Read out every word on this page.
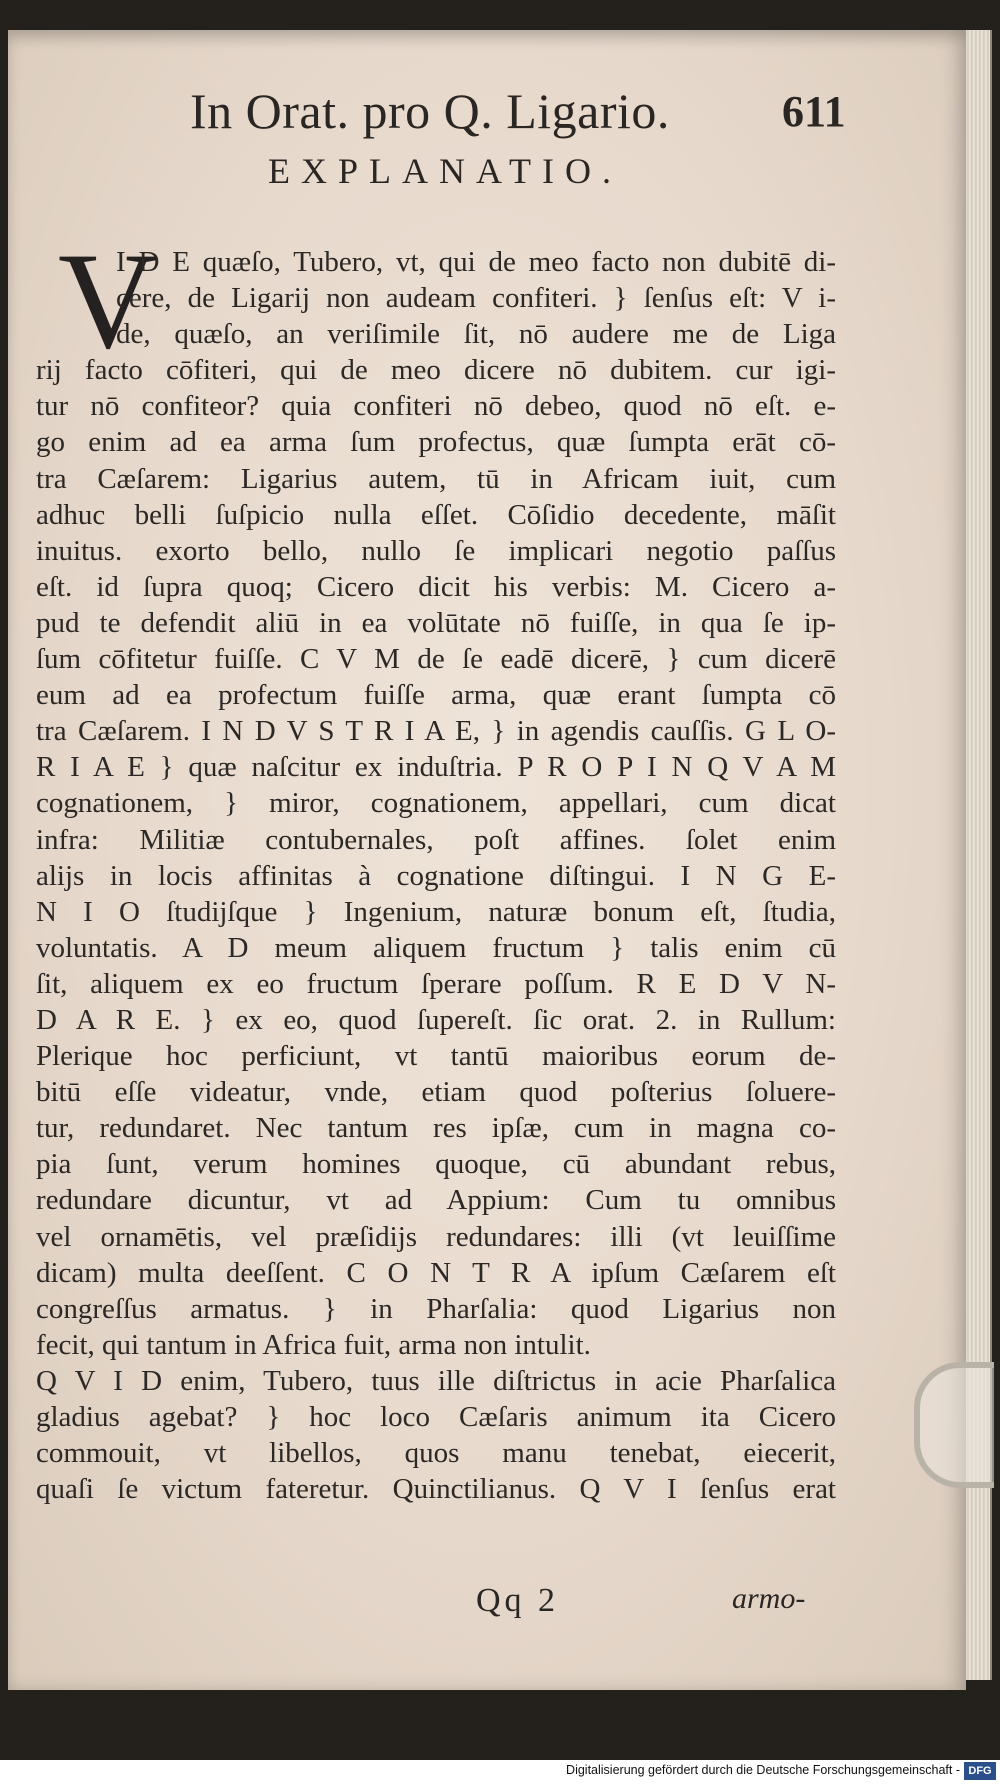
In Orat. pro Q. Ligario.	611
EXPLANATIO.
V
I D E quæſo, Tubero, vt, qui de meo facto non dubitē di-
cere, de Ligarij non audeam confiteri. } ſenſus eſt: V i-
de, quæſo, an veriſimile ſit, nō audere me de Liga
rij facto cōfiteri, qui de meo dicere nō dubitem. cur igi-
tur nō confiteor? quia confiteri nō debeo, quod nō eſt. e-
go enim ad ea arma ſum profectus, quæ ſumpta erāt cō-
tra Cæſarem: Ligarius autem, tū in Africam iuit, cum
adhuc belli ſuſpicio nulla eſſet. Cōſidio decedente, māſit
inuitus. exorto bello, nullo ſe implicari negotio paſſus
eſt. id ſupra quoq; Cicero dicit his verbis: M. Cicero a-
pud te defendit aliū in ea volūtate nō fuiſſe, in qua ſe ip-
ſum cōfitetur fuiſſe. C V M de ſe eadē dicerē, } cum dicerē
eum ad ea profectum fuiſſe arma, quæ erant ſumpta cō
tra Cæſarem. I N D V S T R I A E, } in agendis cauſſis. G L O-
R I A E } quæ naſcitur ex induſtria. P R O P I N Q V A M
cognationem, } miror, cognationem, appellari, cum dicat
infra: Militiæ contubernales, poſt affines. ſolet enim
alijs in locis affinitas à cognatione diſtingui. I N G E-
N I O ſtudijſque } Ingenium, naturæ bonum eſt, ſtudia,
voluntatis. A D meum aliquem fructum } talis enim cū
ſit, aliquem ex eo fructum ſperare poſſum. R E D V N-
D A R E. } ex eo, quod ſupereſt. ſic orat. 2. in Rullum:
Plerique hoc perficiunt, vt tantū maioribus eorum de-
bitū eſſe videatur, vnde, etiam quod poſterius ſoluere-
tur, redundaret. Nec tantum res ipſæ, cum in magna co-
pia ſunt, verum homines quoque, cū abundant rebus,
redundare dicuntur, vt ad Appium: Cum tu omnibus
vel ornamētis, vel præſidijs redundares: illi (vt leuiſſime
dicam) multa deeſſent. C O N T R A ipſum Cæſarem eſt
congreſſus armatus. } in Pharſalia: quod Ligarius non
fecit, qui tantum in Africa fuit, arma non intulit.
Q V I D enim, Tubero, tuus ille diſtrictus in acie Pharſalica
gladius agebat? } hoc loco Cæſaris animum ita Cicero
commouit, vt libellos, quos manu tenebat, eiecerit,
quaſi ſe victum fateretur. Quinctilianus. Q V I ſenſus erat
Qq 2	armo-
Digitalisierung gefördert durch die Deutsche Forschungsgemeinschaft - DFG
